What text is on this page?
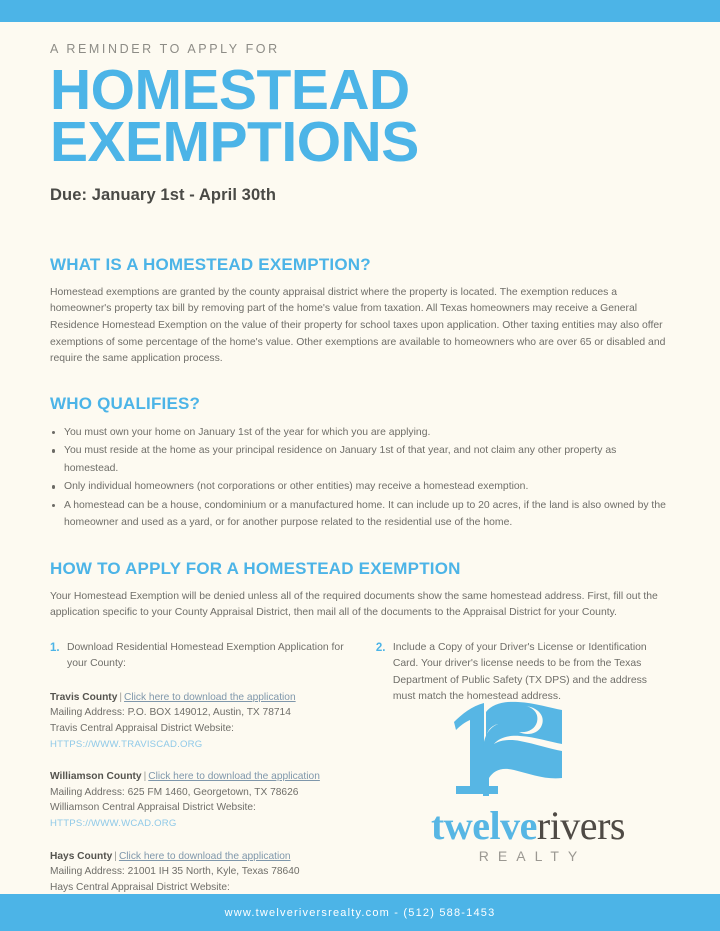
A REMINDER TO APPLY FOR
HOMESTEAD
EXEMPTIONS
Due: January 1st - April 30th
WHAT IS A HOMESTEAD EXEMPTION?

Homestead exemptions are granted by the county appraisal district where the property is located. The exemption reduces a homeowner's property tax bill by removing part of the home's value from taxation. All Texas homeowners may receive a General Residence Homestead Exemption on the value of their property for school taxes upon application. Other taxing entities may also offer exemptions of some percentage of the home's value. Other exemptions are available to homeowners who are over 65 or disabled and require the same application process.

WHO QUALIFIES?
You must own your home on January 1st of the year for which you are applying.
You must reside at the home as your principal residence on January 1st of that year, and not claim any other property as homestead.
Only individual homeowners (not corporations or other entities) may receive a homestead exemption.
A homestead can be a house, condominium or a manufactured home. It can include up to 20 acres, if the land is also owned by the homeowner and used as a yard, or for another purpose related to the residential use of the home.
HOW TO APPLY FOR A HOMESTEAD EXEMPTION

Your Homestead Exemption will be denied unless all of the required documents show the same homestead address. First, fill out the application specific to your County Appraisal District, then mail all of the documents to the Appraisal District for your County.

1. Download Residential Homestead Exemption Application for your County:
Travis County | Click here to download the application
Mailing Address: P.O. BOX 149012, Austin, TX 78714
Travis Central Appraisal District Website:
HTTPS://WWW.TRAVISCAD.ORG
Williamson County | Click here to download the application
Mailing Address: 625 FM 1460, Georgetown, TX 78626
Williamson Central Appraisal District Website:
HTTPS://WWW.WCAD.ORG
Hays County | Click here to download the application
Mailing Address: 21001 IH 35 North, Kyle, Texas 78640
Hays Central Appraisal District Website:
2. Include a Copy of your Driver's License or Identification Card. Your driver's license needs to be from the Texas Department of Public Safety (TX DPS) and the address must match the homestead address.
twelverivers
REALTY
www.twelveriversrealty.com - (512) 588-1453
